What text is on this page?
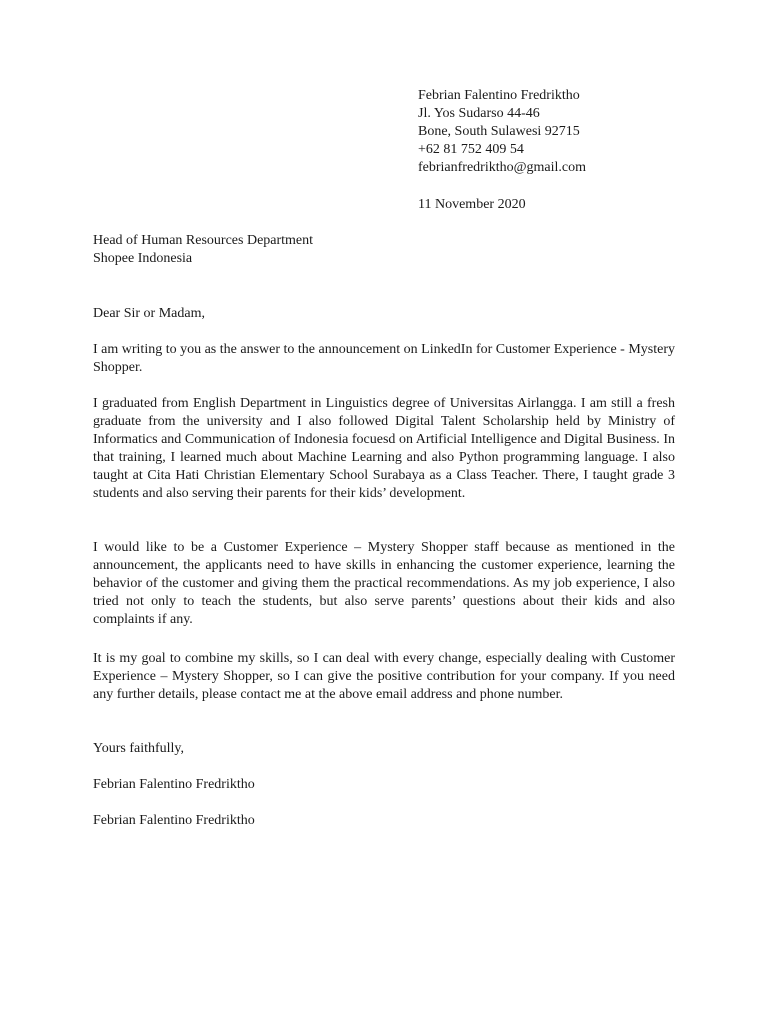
Febrian Falentino Fredriktho
Jl. Yos Sudarso 44-46
Bone, South Sulawesi 92715
+62 81 752 409 54
febrianfredriktho@gmail.com
11 November 2020
Head of Human Resources Department
Shopee Indonesia

Dear Sir or Madam,

I am writing to you as the answer to the announcement on LinkedIn for Customer Experience - Mystery Shopper.

I graduated from English Department in Linguistics degree of Universitas Airlangga. I am still a fresh graduate from the university and I also followed Digital Talent Scholarship held by Ministry of Informatics and Communication of Indonesia focuesd on Artificial Intelligence and Digital Business. In that training, I learned much about Machine Learning and also Python programming language. I also taught at Cita Hati Christian Elementary School Surabaya as a Class Teacher. There, I taught grade 3 students and also serving their parents for their kids’ development.

I would like to be a Customer Experience – Mystery Shopper staff because as mentioned in the announcement, the applicants need to have skills in enhancing the customer experience, learning the behavior of the customer and giving them the practical recommendations. As my job experience, I also tried not only to teach the students, but also serve parents’ questions about their kids and also complaints if any.

It is my goal to combine my skills, so I can deal with every change, especially dealing with Customer Experience – Mystery Shopper, so I can give the positive contribution for your company. If you need any further details, please contact me at the above email address and phone number.

Yours faithfully,

Febrian Falentino Fredriktho

Febrian Falentino Fredriktho
